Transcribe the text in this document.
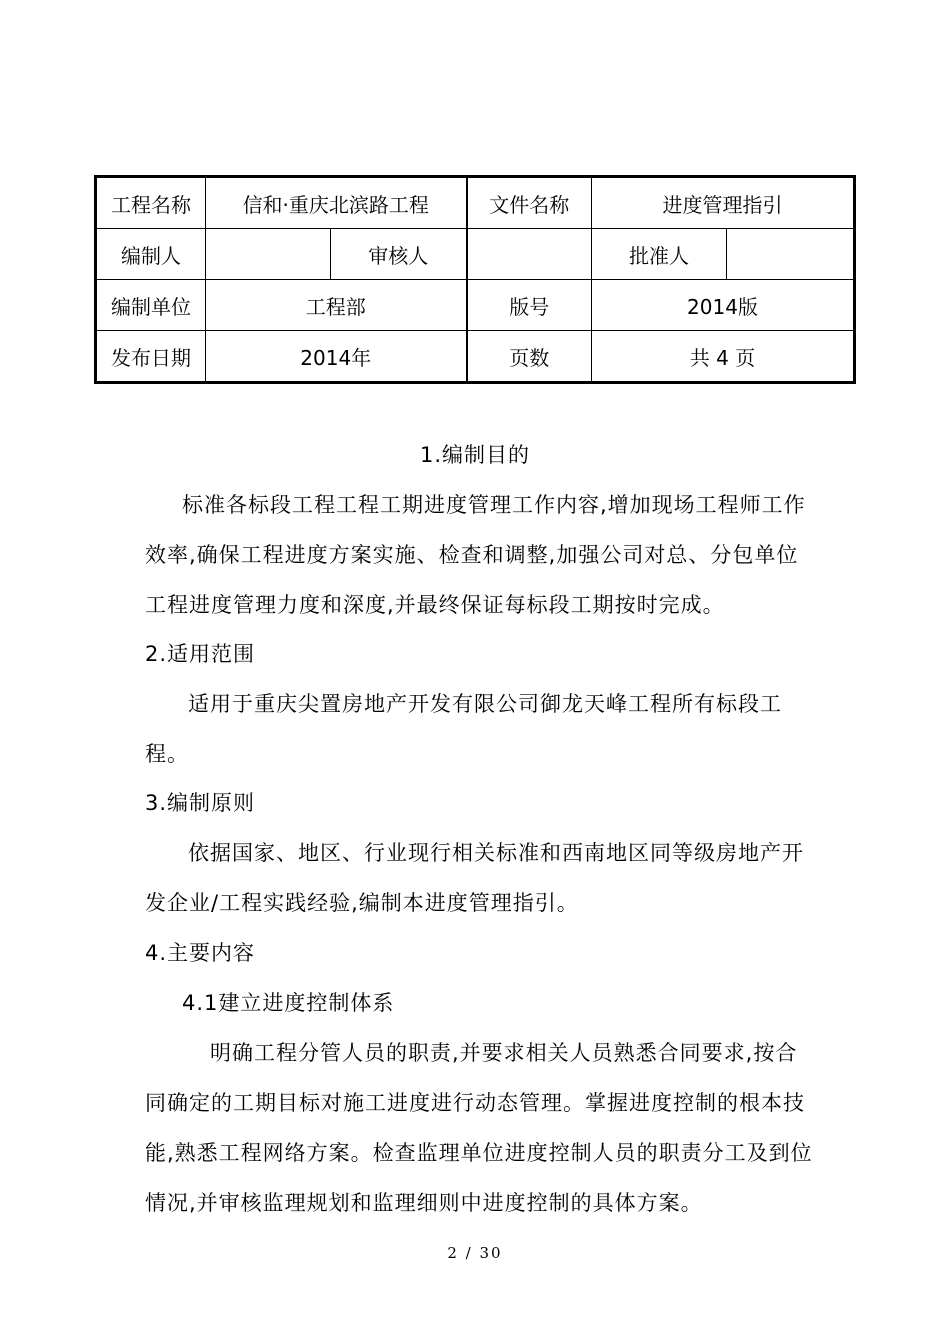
工程名称	信和·重庆北滨路工程		文件名称	进度管理指引	
编制人		审核人		批准人	
编制单位	工程部		版号	2014版	
发布日期	2014年		页数	共 4 页	
1.编制目的
标准各标段工程工程工期进度管理工作内容,增加现场工程师工作
效率,确保工程进度方案实施、检查和调整,加强公司对总、分包单位
工程进度管理力度和深度,并最终保证每标段工期按时完成。
2.适用范围
适用于重庆尖置房地产开发有限公司御龙天峰工程所有标段工
程。
3.编制原则
依据国家、地区、行业现行相关标准和西南地区同等级房地产开
发企业/工程实践经验,编制本进度管理指引。
4.主要内容
4.1建立进度控制体系
明确工程分管人员的职责,并要求相关人员熟悉合同要求,按合
同确定的工期目标对施工进度进行动态管理。掌握进度控制的根本技
能,熟悉工程网络方案。检查监理单位进度控制人员的职责分工及到位
情况,并审核监理规划和监理细则中进度控制的具体方案。
2 / 30
